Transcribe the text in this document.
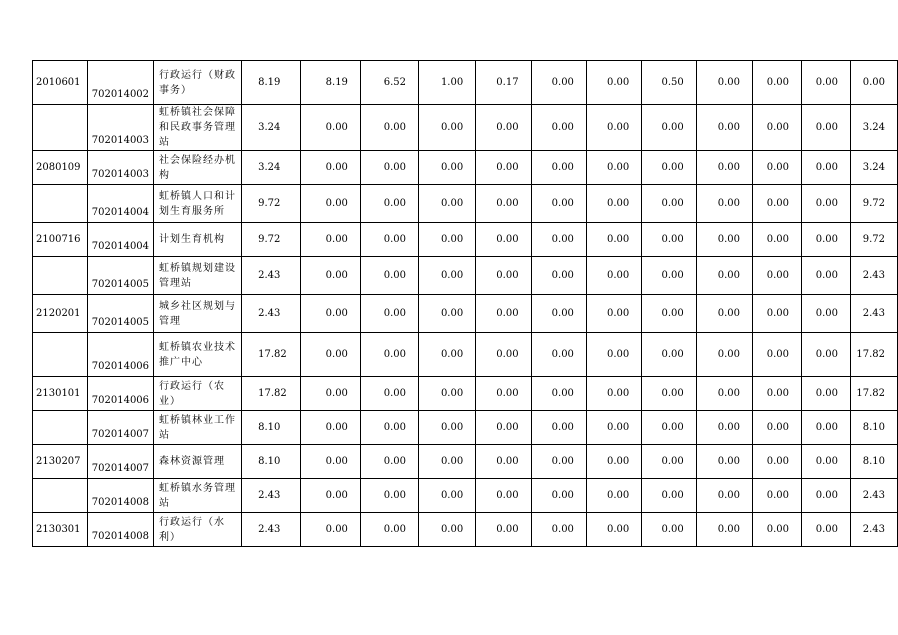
2010601	702014002	行政运行（财政事务）	8.19	8.19	6.52	1.00	0.17	0.00	0.00	0.50	0.00	0.00	0.00	0.00
	702014003	虹桥镇社会保障和民政事务管理站	3.24	0.00	0.00	0.00	0.00	0.00	0.00	0.00	0.00	0.00	0.00	3.24
2080109	702014003	社会保险经办机构	3.24	0.00	0.00	0.00	0.00	0.00	0.00	0.00	0.00	0.00	0.00	3.24
	702014004	虹桥镇人口和计划生育服务所	9.72	0.00	0.00	0.00	0.00	0.00	0.00	0.00	0.00	0.00	0.00	9.72
2100716	702014004	计划生育机构	9.72	0.00	0.00	0.00	0.00	0.00	0.00	0.00	0.00	0.00	0.00	9.72
	702014005	虹桥镇规划建设管理站	2.43	0.00	0.00	0.00	0.00	0.00	0.00	0.00	0.00	0.00	0.00	2.43
2120201	702014005	城乡社区规划与管理	2.43	0.00	0.00	0.00	0.00	0.00	0.00	0.00	0.00	0.00	0.00	2.43
	702014006	虹桥镇农业技术推广中心	17.82	0.00	0.00	0.00	0.00	0.00	0.00	0.00	0.00	0.00	0.00	17.82
2130101	702014006	行政运行（农业）	17.82	0.00	0.00	0.00	0.00	0.00	0.00	0.00	0.00	0.00	0.00	17.82
	702014007	虹桥镇林业工作站	8.10	0.00	0.00	0.00	0.00	0.00	0.00	0.00	0.00	0.00	0.00	8.10
2130207	702014007	森林资源管理	8.10	0.00	0.00	0.00	0.00	0.00	0.00	0.00	0.00	0.00	0.00	8.10
	702014008	虹桥镇水务管理站	2.43	0.00	0.00	0.00	0.00	0.00	0.00	0.00	0.00	0.00	0.00	2.43
2130301	702014008	行政运行（水利）	2.43	0.00	0.00	0.00	0.00	0.00	0.00	0.00	0.00	0.00	0.00	2.43
